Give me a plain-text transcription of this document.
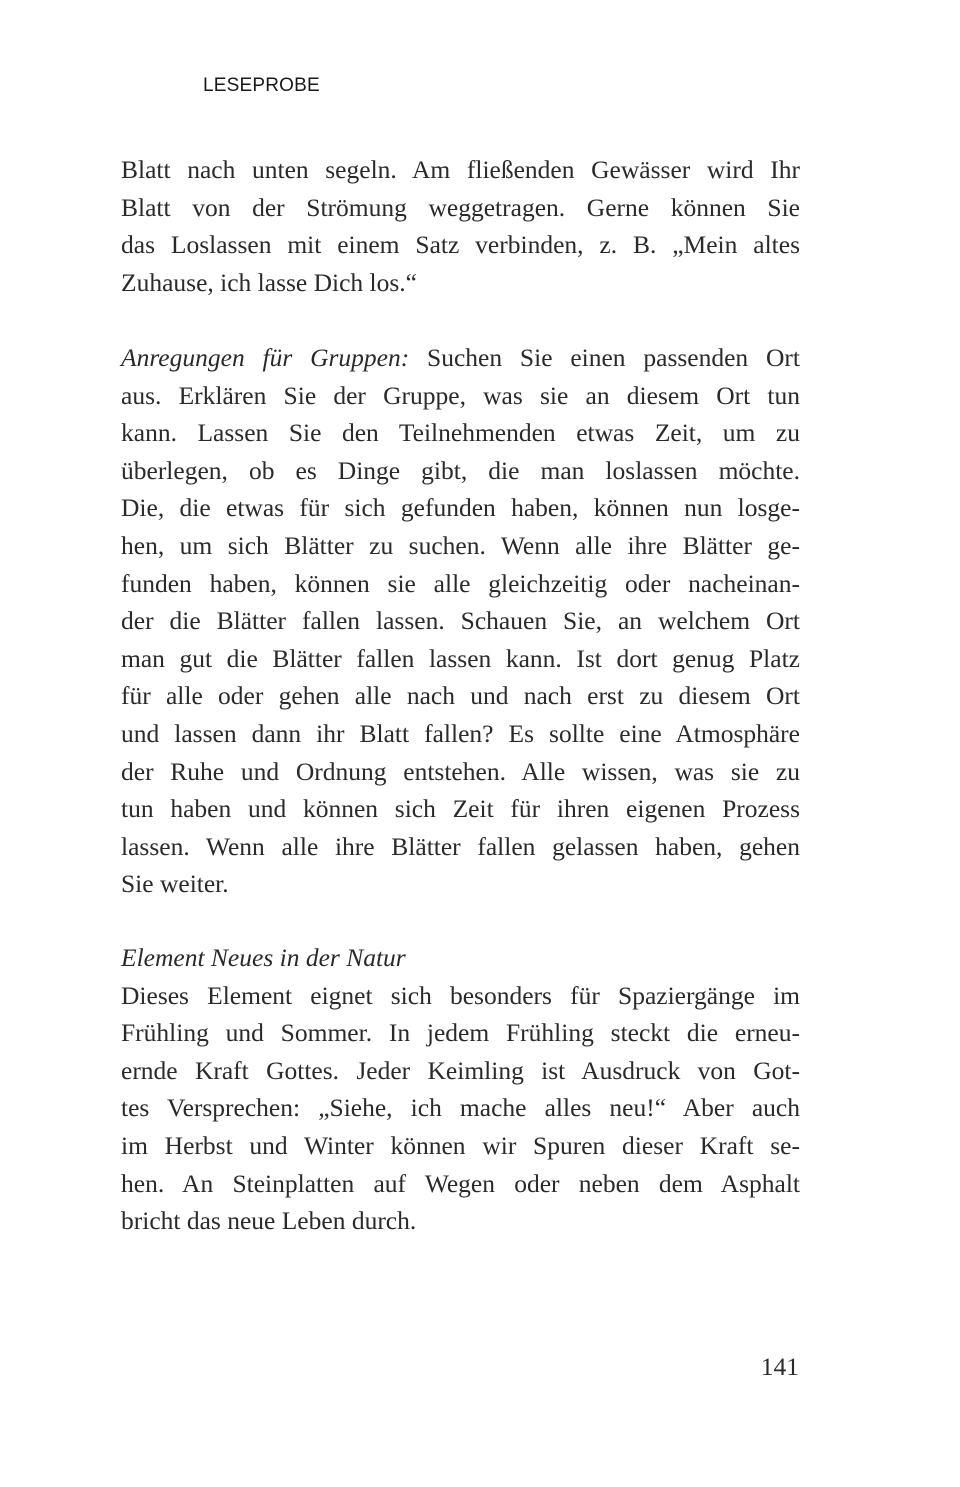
LESEPROBE
Blatt nach unten segeln. Am fließenden Gewässer wird Ihr
Blatt von der Strömung weggetragen. Gerne können Sie
das Loslassen mit einem Satz verbinden, z. B. „Mein altes
Zuhause, ich lasse Dich los.“
Anregungen für Gruppen: Suchen Sie einen passenden Ort
aus. Erklären Sie der Gruppe, was sie an diesem Ort tun
kann. Lassen Sie den Teilnehmenden etwas Zeit, um zu
überlegen, ob es Dinge gibt, die man loslassen möchte.
Die, die etwas für sich gefunden haben, können nun losge-
hen, um sich Blätter zu suchen. Wenn alle ihre Blätter ge-
funden haben, können sie alle gleichzeitig oder nacheinan-
der die Blätter fallen lassen. Schauen Sie, an welchem Ort
man gut die Blätter fallen lassen kann. Ist dort genug Platz
für alle oder gehen alle nach und nach erst zu diesem Ort
und lassen dann ihr Blatt fallen? Es sollte eine Atmosphäre
der Ruhe und Ordnung entstehen. Alle wissen, was sie zu
tun haben und können sich Zeit für ihren eigenen Prozess
lassen. Wenn alle ihre Blätter fallen gelassen haben, gehen
Sie weiter.
Element Neues in der Natur
Dieses Element eignet sich besonders für Spaziergänge im
Frühling und Sommer. In jedem Frühling steckt die erneu-
ernde Kraft Gottes. Jeder Keimling ist Ausdruck von Got-
tes Versprechen: „Siehe, ich mache alles neu!“ Aber auch
im Herbst und Winter können wir Spuren dieser Kraft se-
hen. An Steinplatten auf Wegen oder neben dem Asphalt
bricht das neue Leben durch.
141
